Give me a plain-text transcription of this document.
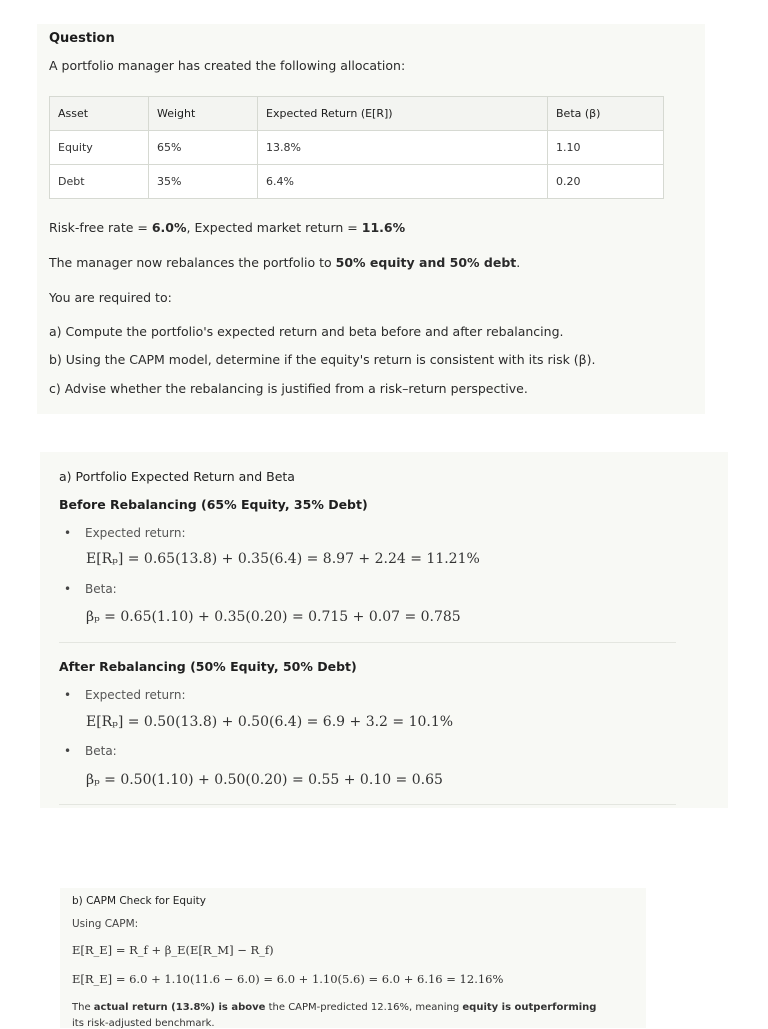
Question
A portfolio manager has created the following allocation:
Asset	Weight	Expected Return (E[R])	Beta (β)
Equity	65%	13.8%	1.10
Debt	35%	6.4%	0.20
Risk-free rate = 6.0%, Expected market return = 11.6%
The manager now rebalances the portfolio to 50% equity and 50% debt.
You are required to:
a) Compute the portfolio's expected return and beta before and after rebalancing.
b) Using the CAPM model, determine if the equity's return is consistent with its risk (β).
c) Advise whether the rebalancing is justified from a risk–return perspective.
a) Portfolio Expected Return and Beta
Before Rebalancing (65% Equity, 35% Debt)
• Expected return:
E[Rₚ] = 0.65(13.8) + 0.35(6.4) = 8.97 + 2.24 = 11.21%
• Beta:
βₚ = 0.65(1.10) + 0.35(0.20) = 0.715 + 0.07 = 0.785
After Rebalancing (50% Equity, 50% Debt)
• Expected return:
E[Rₚ] = 0.50(13.8) + 0.50(6.4) = 6.9 + 3.2 = 10.1%
• Beta:
βₚ = 0.50(1.10) + 0.50(0.20) = 0.55 + 0.10 = 0.65
b) CAPM Check for Equity
Using CAPM:
E[R_E] = R_f + β_E(E[R_M] − R_f)
E[R_E] = 6.0 + 1.10(11.6 − 6.0) = 6.0 + 1.10(5.6) = 6.0 + 6.16 = 12.16%
The actual return (13.8%) is above the CAPM-predicted 12.16%, meaning equity is outperforming
its risk-adjusted benchmark.
